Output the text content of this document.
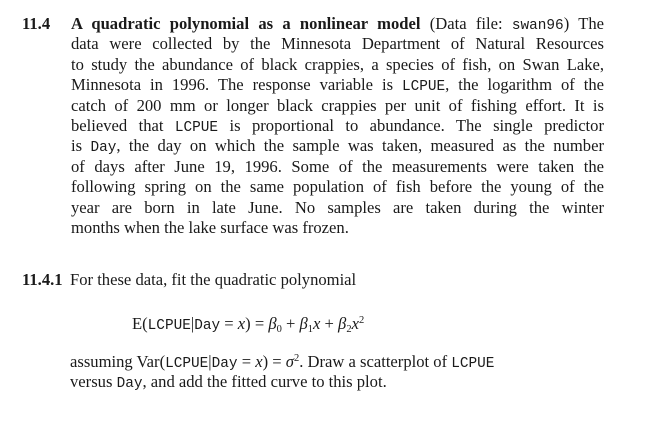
11.4 A quadratic polynomial as a nonlinear model (Data file: swan96) The
data were collected by the Minnesota Department of Natural Resources
to study the abundance of black crappies, a species of fish, on Swan Lake,
Minnesota in 1996. The response variable is LCPUE, the logarithm of the
catch of 200 mm or longer black crappies per unit of fishing effort. It is
believed that LCPUE is proportional to abundance. The single predictor
is Day, the day on which the sample was taken, measured as the number
of days after June 19, 1996. Some of the measurements were taken the
following spring on the same population of fish before the young of the
year are born in late June. No samples are taken during the winter
months when the lake surface was frozen.
11.4.1 For these data, fit the quadratic polynomial
E(LCPUE|Day = $x) = \beta_0 + \beta_1x + \beta_2x^2$
assuming Var(LCPUE|Day = $x) = \sigma^2$. Draw a scatterplot of LCPUE
versus Day, and add the fitted curve to this plot.
